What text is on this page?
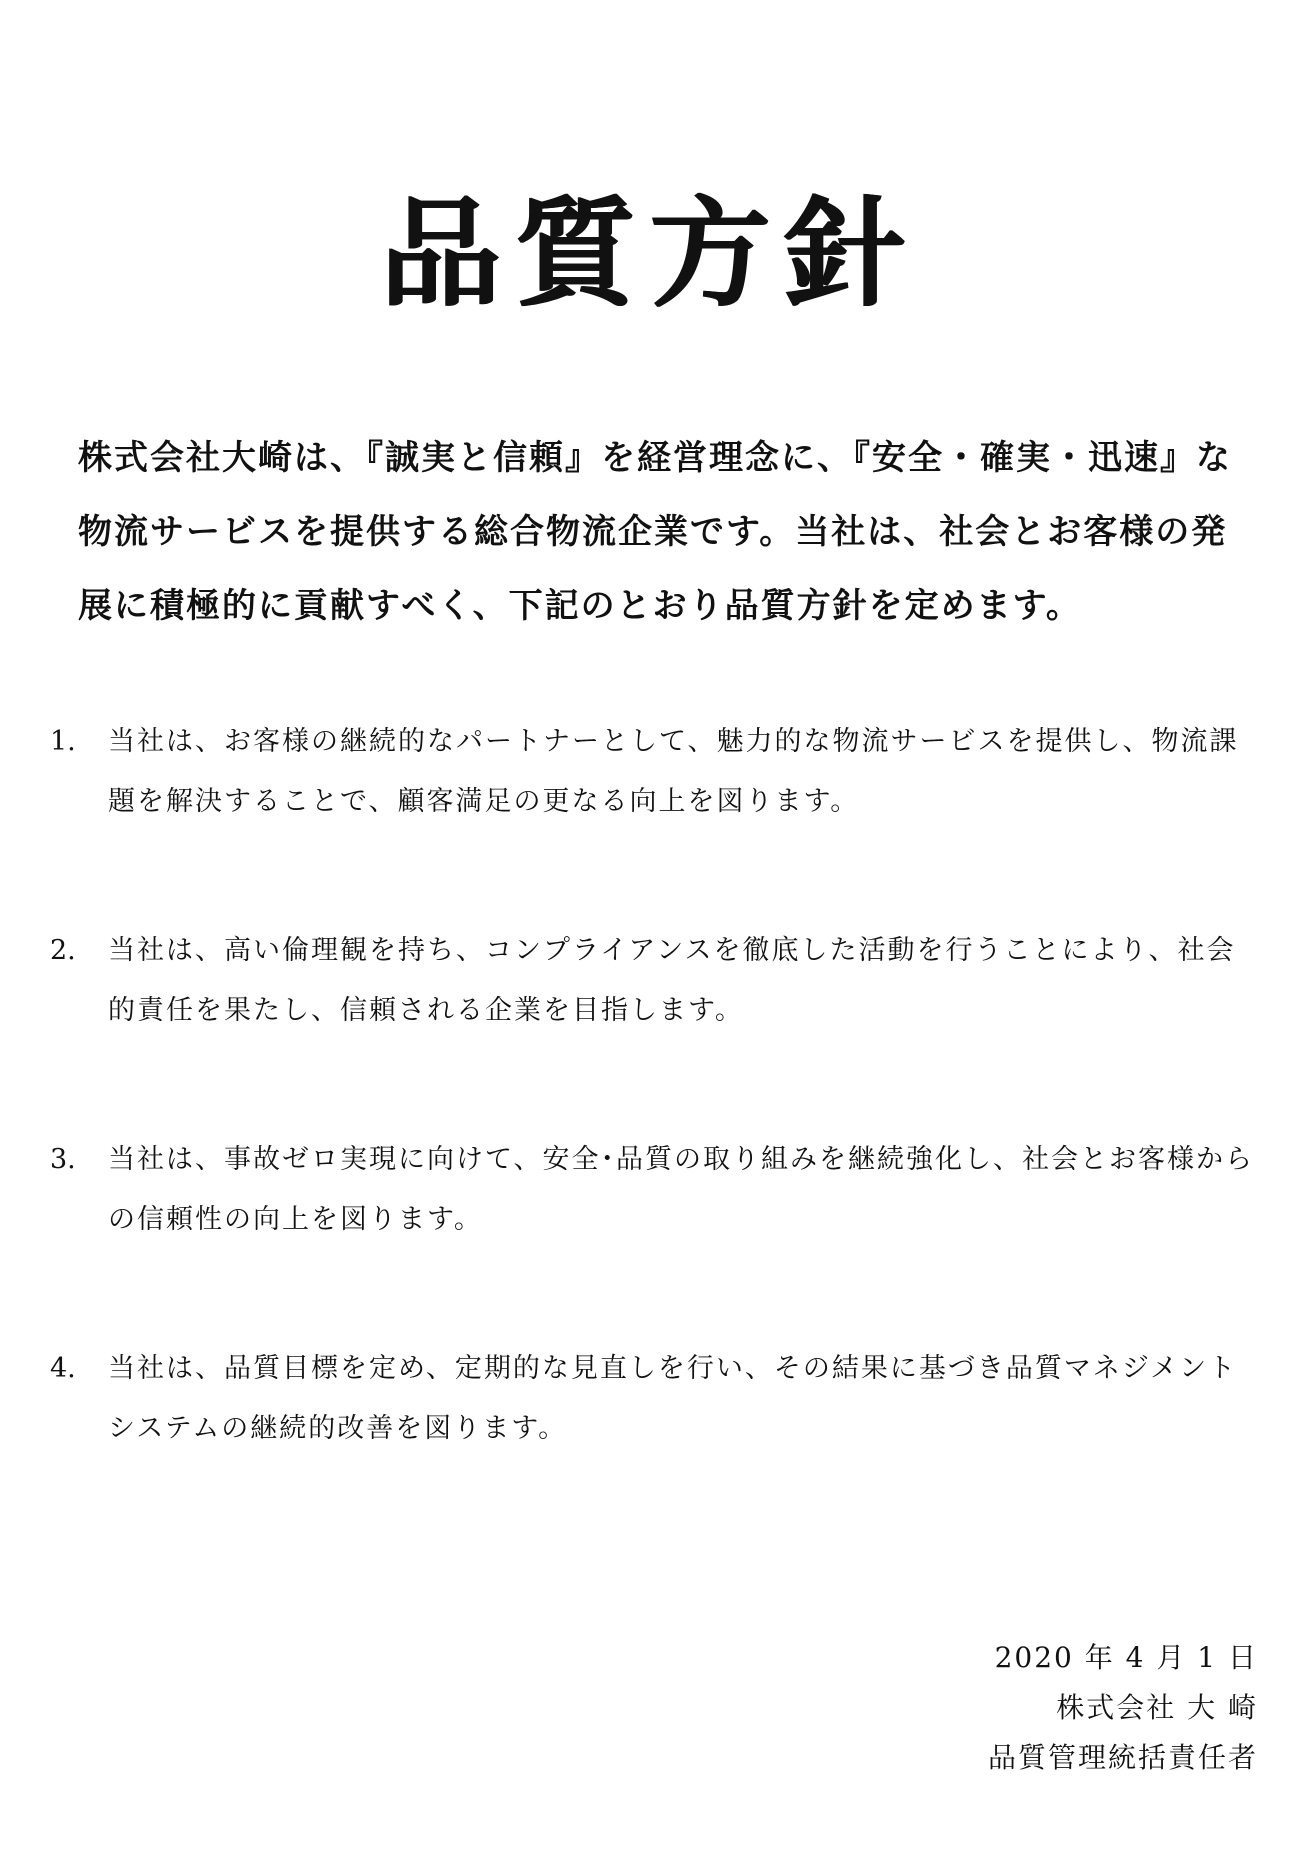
品質方針

株式会社大崎は、『誠実と信頼』を経営理念に、『安全・確実・迅速』な物流サービスを提供する総合物流企業です。当社は、社会とお客様の発展に積極的に貢献すべく、下記のとおり品質方針を定めます。

1.	当社は、お客様の継続的なパートナーとして、魅力的な物流サービスを提供し、物流課題を解決することで、顧客満足の更なる向上を図ります。
2.	当社は、高い倫理観を持ち、コンプライアンスを徹底した活動を行うことにより、社会的責任を果たし、信頼される企業を目指します。
3.	当社は、事故ゼロ実現に向けて、安全･品質の取り組みを継続強化し、社会とお客様からの信頼性の向上を図ります。
4.	当社は、品質目標を定め、定期的な見直しを行い、その結果に基づき品質マネジメントシステムの継続的改善を図ります。
2020 年 4 月 1 日
株式会社 大 崎
品質管理統括責任者
